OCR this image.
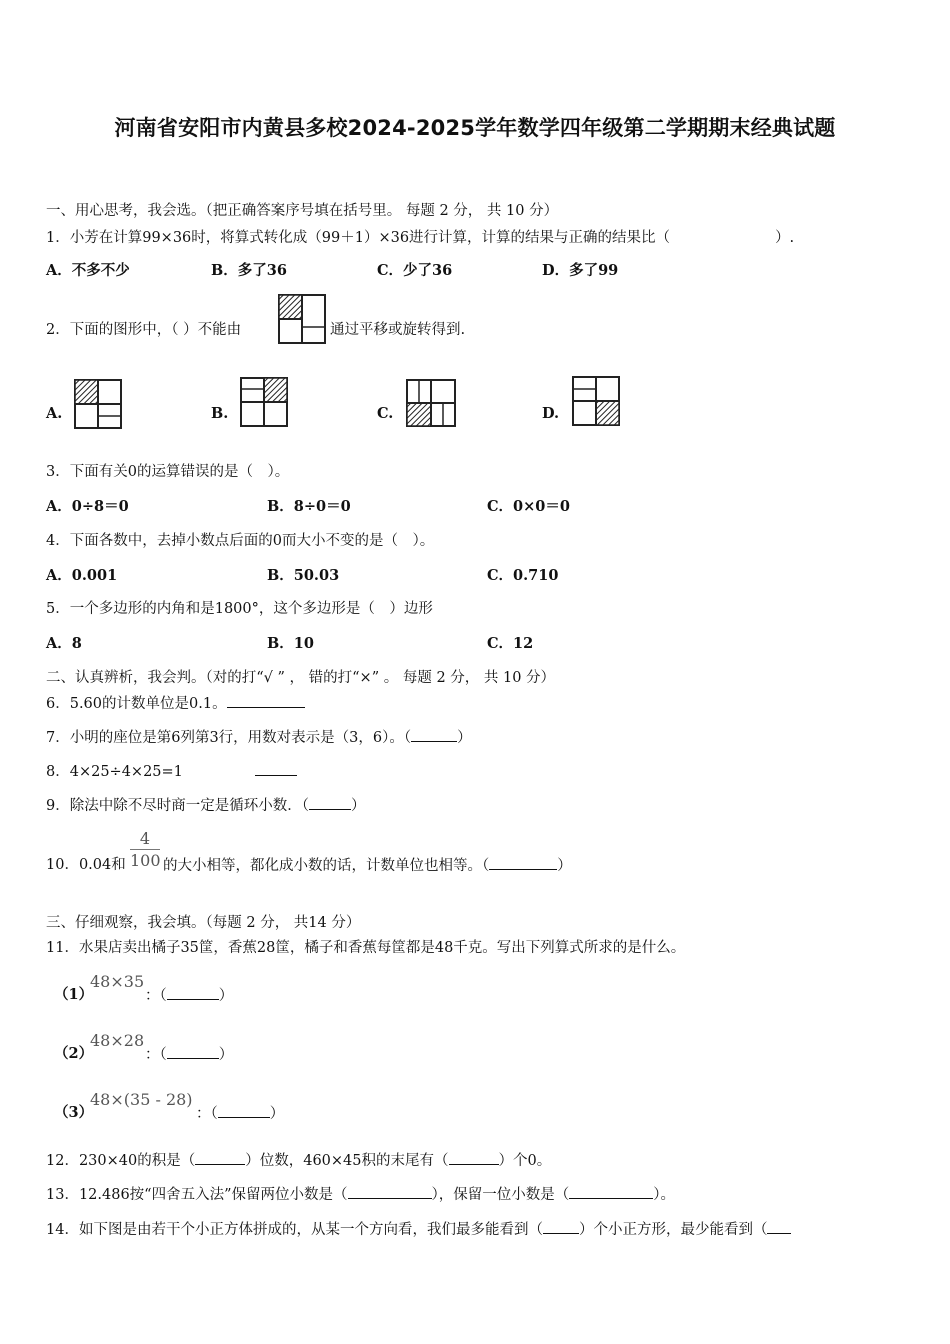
河南省安阳市内黄县多校2024-2025学年数学四年级第二学期期末经典试题
一、用心思考，我会选。（把正确答案序号填在括号里。 每题 2 分， 共 10 分）
1．小芳在计算99×36时，将算式转化成（99＋1）×36进行计算，计算的结果与正确的结果比（	）.
A．不多不少	B．多了36	C．少了36	D．多了99
2．下面的图形中，（ ）不能由	通过平移或旋转得到.
A.	B.	C.	D.
3．下面有关0的运算错误的是（　）。
A．0÷8＝0	B．8÷0＝0	C．0×0＝0
4．下面各数中，去掉小数点后面的0而大小不变的是（　）。
A．0.001	B．50.03	C．0.710
5．一个多边形的内角和是1800°，这个多边形是（　）边形
A．8	B．10	C．12
二、认真辨析，我会判。（对的打“√ ” ， 错的打“×” 。 每题 2 分， 共 10 分）
6．5.60的计数单位是0.1。
7．小明的座位是第6列第3行，用数对表示是（3，6）。（	）
8．4×25÷4×25=1
9．除法中除不尽时商一定是循环小数．（	）
10．0.04和
4
100 的大小相等，都化成小数的话，计数单位也相等。（	）
三、仔细观察，我会填。（每题 2 分， 共14 分）
11．水果店卖出橘子35筐，香蕉28筐，橘子和香蕉每筐都是48千克。写出下列算式所求的是什么。
（1）
48×35
：（	）
（2）
48×28
：（	）
（3）
48×(35 - 28)
：（	）
12．230×40的积是（	）位数，460×45积的末尾有（	）个0。
13．12.486按“四舍五入法”保留两位小数是（	），保留一位小数是（	）。
14．如下图是由若干个小正方体拼成的，从某一个方向看，我们最多能看到（ ）个小正方形，最少能看到（
